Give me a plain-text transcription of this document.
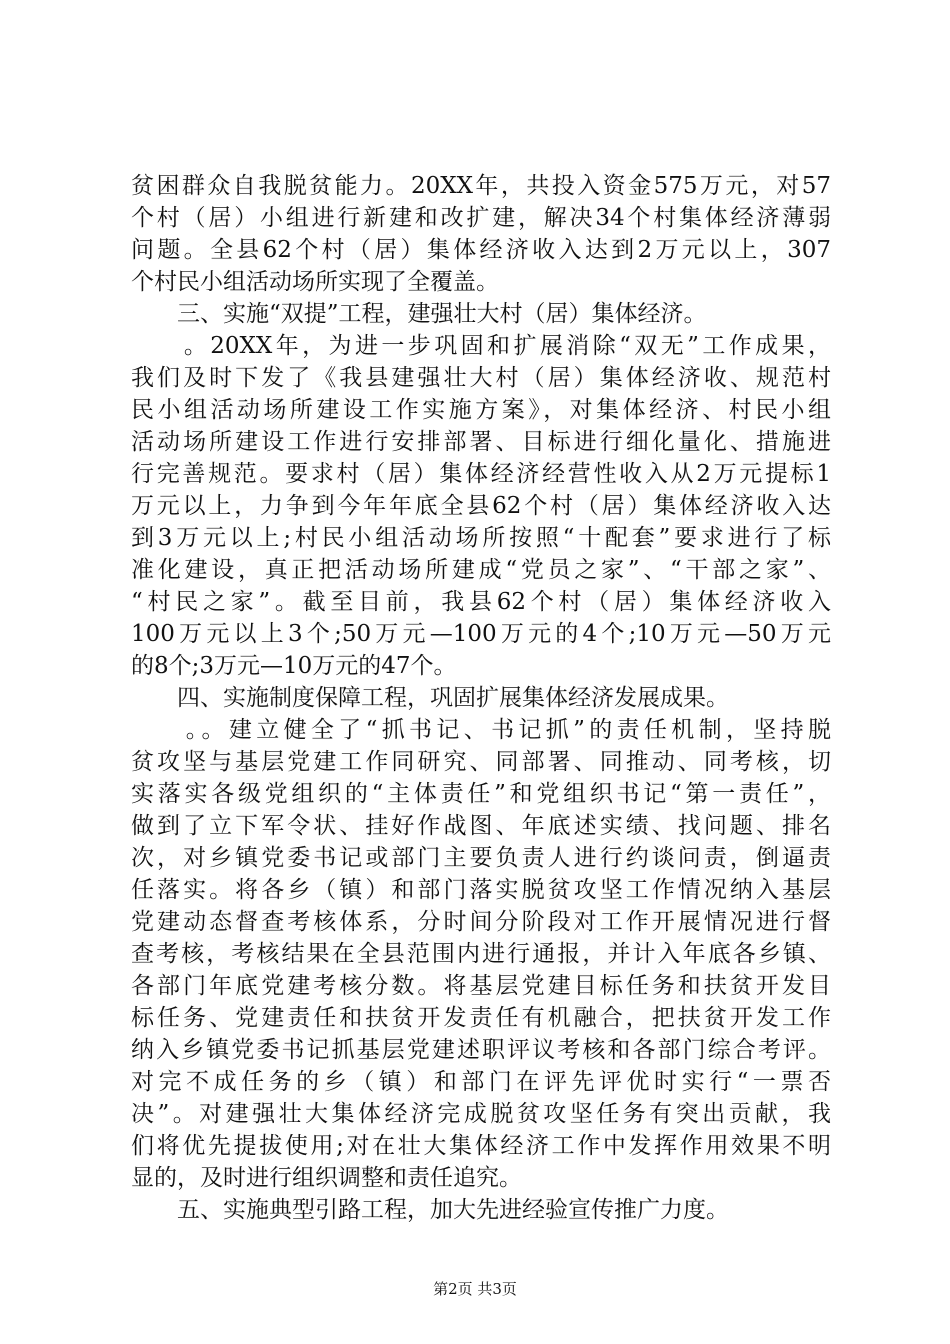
贫困群众自我脱贫能力。20XX年，共投入资金575万元，对57
个村（居）小组进行新建和改扩建，解决34个村集体经济薄弱
问题。全县62个村（居）集体经济收入达到2万元以上，307
个村民小组活动场所实现了全覆盖。
　　三、实施“双提”工程，建强壮大村（居）集体经济。
　　。20XX年，为进一步巩固和扩展消除“双无”工作成果，
我们及时下发了《我县建强壮大村（居）集体经济收、规范村
民小组活动场所建设工作实施方案》，对集体经济、村民小组
活动场所建设工作进行安排部署、目标进行细化量化、措施进
行完善规范。要求村（居）集体经济经营性收入从2万元提标1
万元以上，力争到今年年底全县62个村（居）集体经济收入达
到3万元以上;村民小组活动场所按照“十配套”要求进行了标
准化建设，真正把活动场所建成“党员之家”、“干部之家”、
“村民之家”。截至目前，我县62个村（居）集体经济收入
100万元以上3个;50万元—100万元的4个;10万元—50万元
的8个;3万元—10万元的47个。
　　四、实施制度保障工程，巩固扩展集体经济发展成果。
　　。。建立健全了“抓书记、书记抓”的责任机制，坚持脱
贫攻坚与基层党建工作同研究、同部署、同推动、同考核，切
实落实各级党组织的“主体责任”和党组织书记“第一责任”，
做到了立下军令状、挂好作战图、年底述实绩、找问题、排名
次，对乡镇党委书记或部门主要负责人进行约谈问责，倒逼责
任落实。将各乡（镇）和部门落实脱贫攻坚工作情况纳入基层
党建动态督查考核体系，分时间分阶段对工作开展情况进行督
查考核，考核结果在全县范围内进行通报，并计入年底各乡镇、
各部门年底党建考核分数。将基层党建目标任务和扶贫开发目
标任务、党建责任和扶贫开发责任有机融合，把扶贫开发工作
纳入乡镇党委书记抓基层党建述职评议考核和各部门综合考评。
对完不成任务的乡（镇）和部门在评先评优时实行“一票否
决”。对建强壮大集体经济完成脱贫攻坚任务有突出贡献，我
们将优先提拔使用;对在壮大集体经济工作中发挥作用效果不明
显的，及时进行组织调整和责任追究。
　　五、实施典型引路工程，加大先进经验宣传推广力度。
第2页 共3页
